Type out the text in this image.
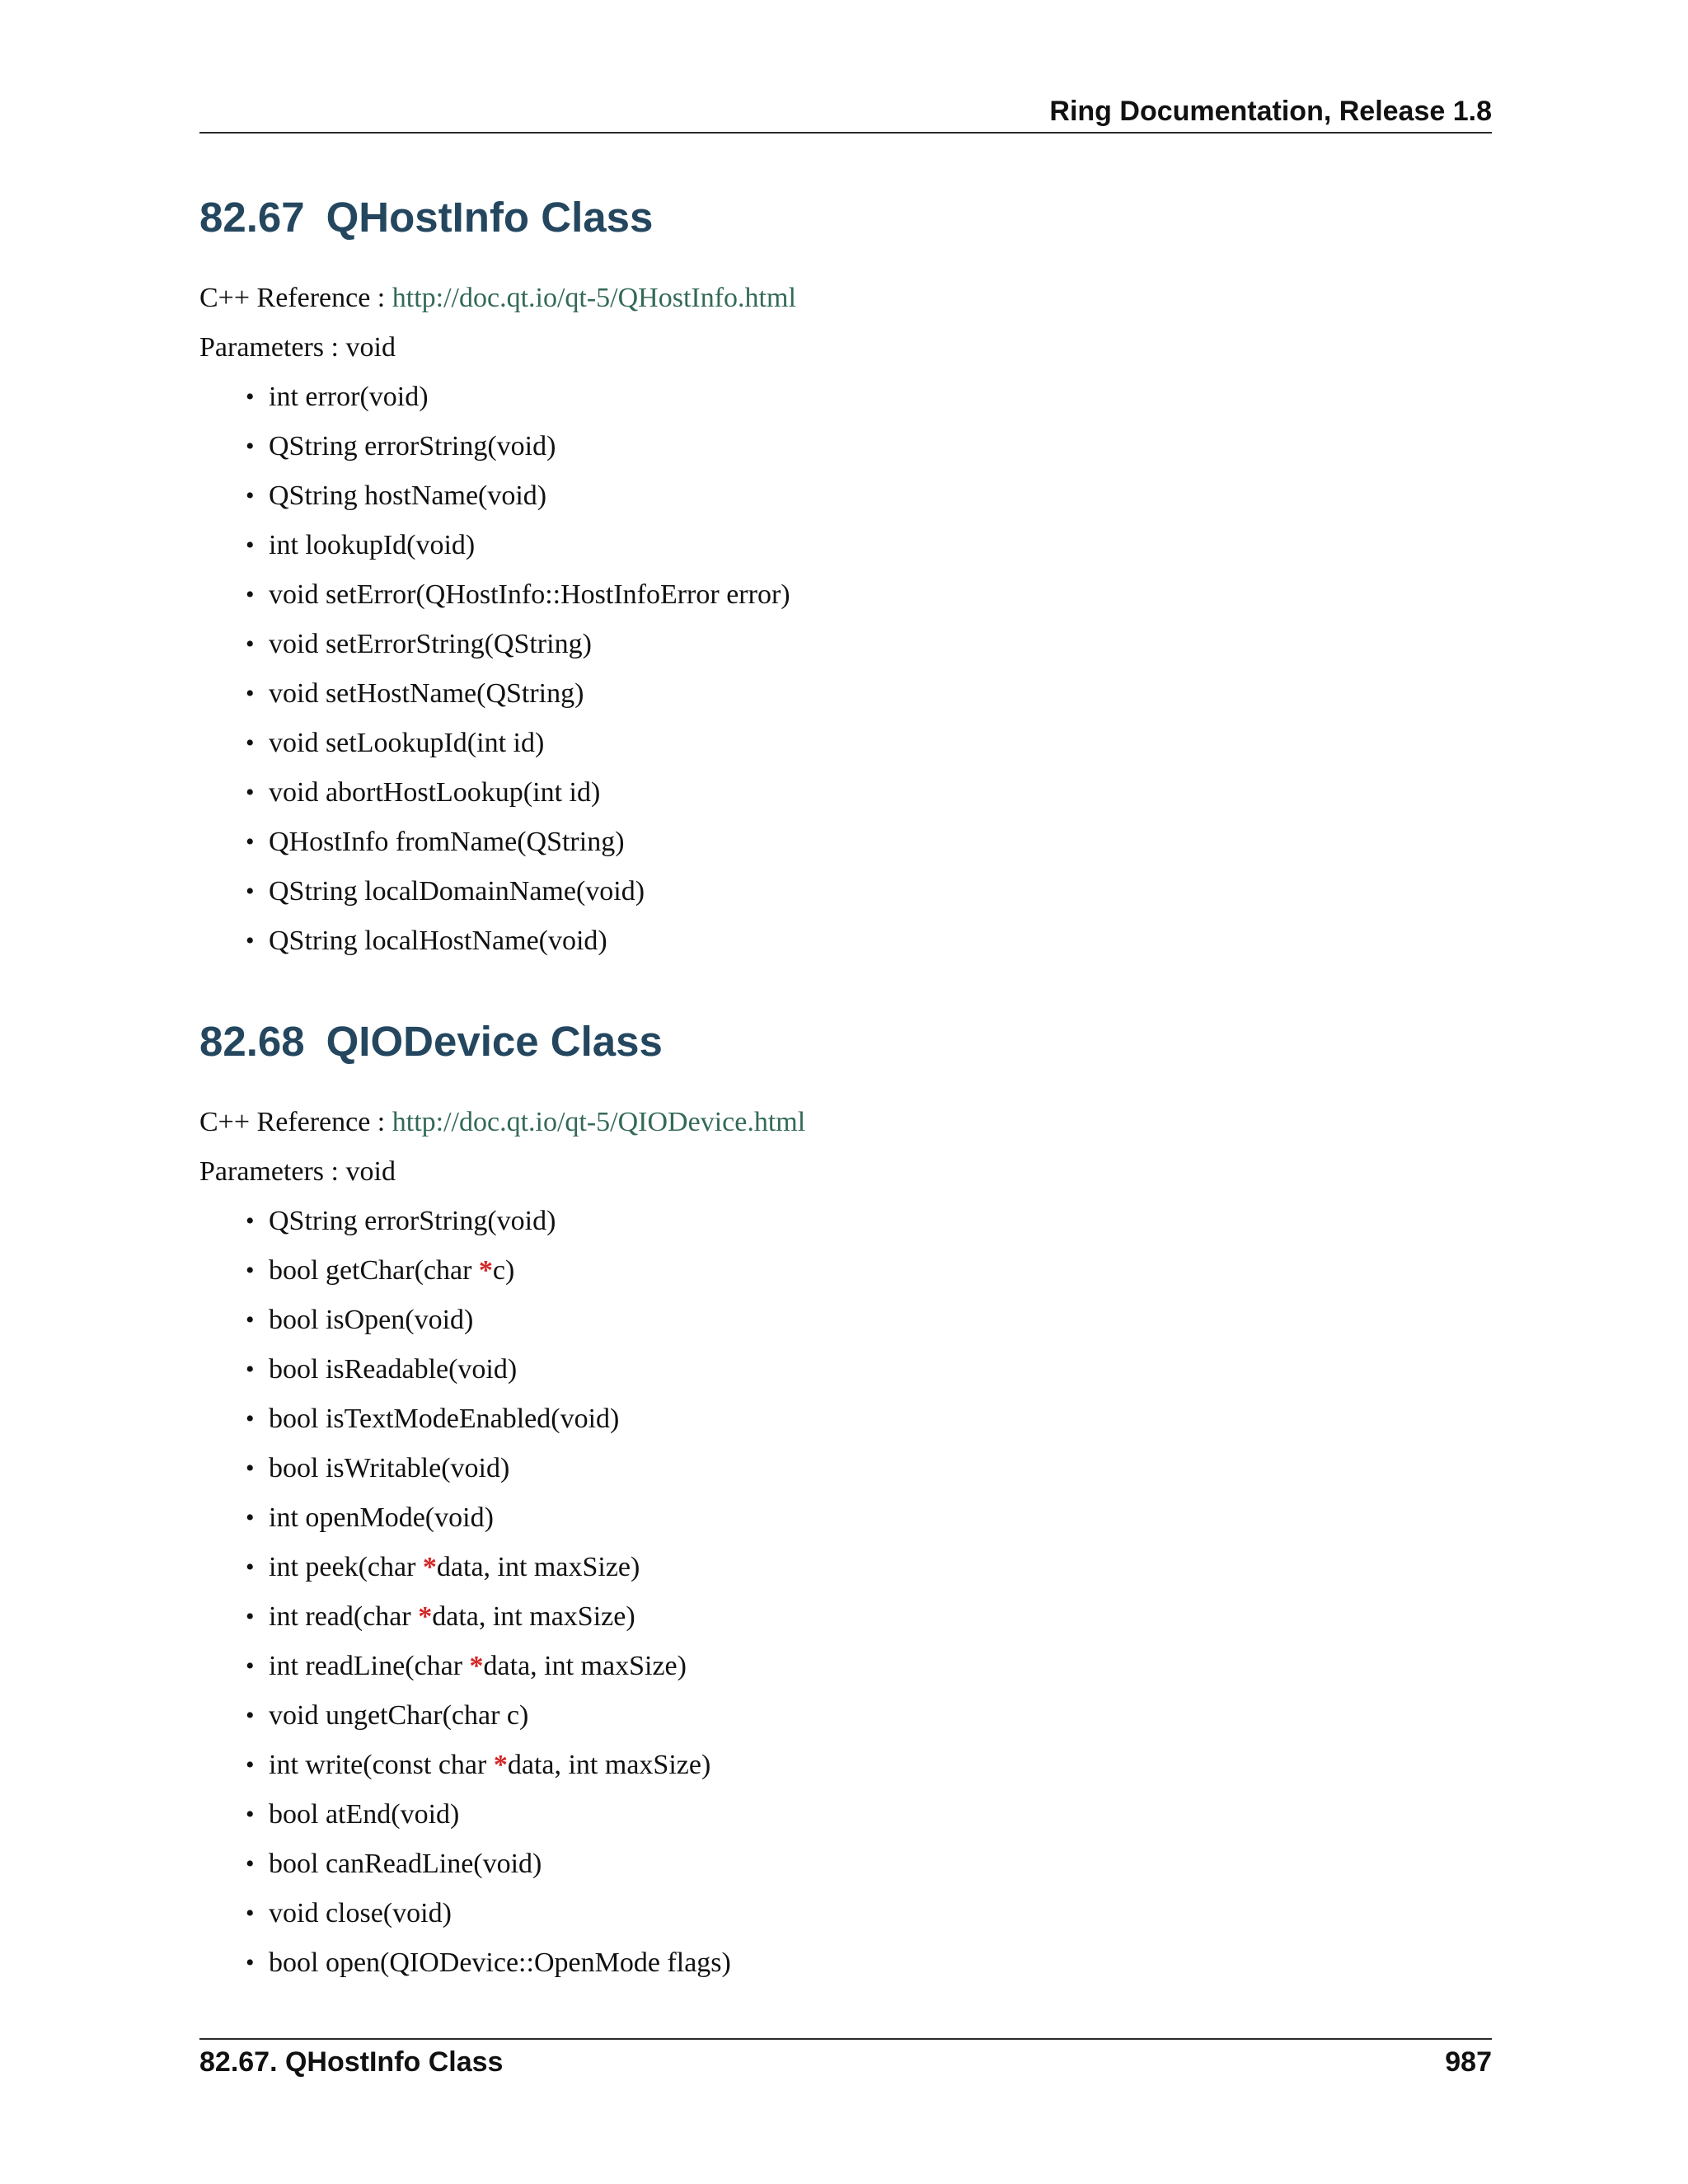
Ring Documentation, Release 1.8
82.67 QHostInfo Class

C++ Reference : http://doc.qt.io/qt-5/QHostInfo.html

Parameters : void

• int error(void)
• QString errorString(void)
• QString hostName(void)
• int lookupId(void)
• void setError(QHostInfo::HostInfoError error)
• void setErrorString(QString)
• void setHostName(QString)
• void setLookupId(int id)
• void abortHostLookup(int id)
• QHostInfo fromName(QString)
• QString localDomainName(void)
• QString localHostName(void)
82.68 QIODevice Class

C++ Reference : http://doc.qt.io/qt-5/QIODevice.html

Parameters : void

• QString errorString(void)
• bool getChar(char *c)
• bool isOpen(void)
• bool isReadable(void)
• bool isTextModeEnabled(void)
• bool isWritable(void)
• int openMode(void)
• int peek(char *data, int maxSize)
• int read(char *data, int maxSize)
• int readLine(char *data, int maxSize)
• void ungetChar(char c)
• int write(const char *data, int maxSize)
• bool atEnd(void)
• bool canReadLine(void)
• void close(void)
• bool open(QIODevice::OpenMode flags)
82.67. QHostInfo Class	987
